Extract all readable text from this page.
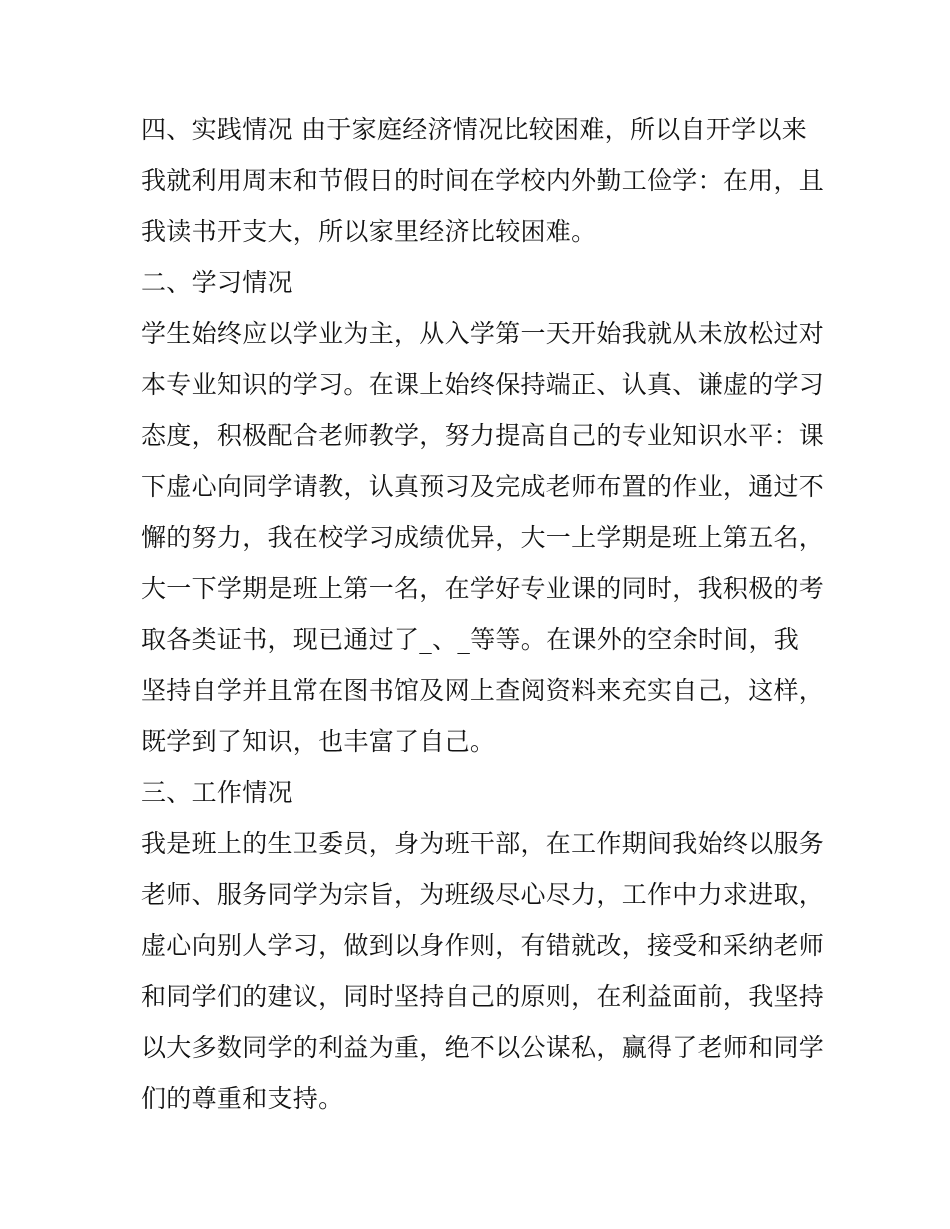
四、实践情况 由于家庭经济情况比较困难，所以自开学以来
我就利用周末和节假日的时间在学校内外勤工俭学：在用，且
我读书开支大，所以家里经济比较困难。
二、学习情况
学生始终应以学业为主，从入学第一天开始我就从未放松过对
本专业知识的学习。在课上始终保持端正、认真、谦虚的学习
态度，积极配合老师教学，努力提高自己的专业知识水平：课
下虚心向同学请教，认真预习及完成老师布置的作业，通过不
懈的努力，我在校学习成绩优异，大一上学期是班上第五名，
大一下学期是班上第一名，在学好专业课的同时，我积极的考
取各类证书，现已通过了_、_等等。在课外的空余时间，我
坚持自学并且常在图书馆及网上查阅资料来充实自己，这样，
既学到了知识，也丰富了自己。
三、工作情况
我是班上的生卫委员，身为班干部，在工作期间我始终以服务
老师、服务同学为宗旨，为班级尽心尽力，工作中力求进取，
虚心向别人学习，做到以身作则，有错就改，接受和采纳老师
和同学们的建议，同时坚持自己的原则，在利益面前，我坚持
以大多数同学的利益为重，绝不以公谋私，赢得了老师和同学
们的尊重和支持。
